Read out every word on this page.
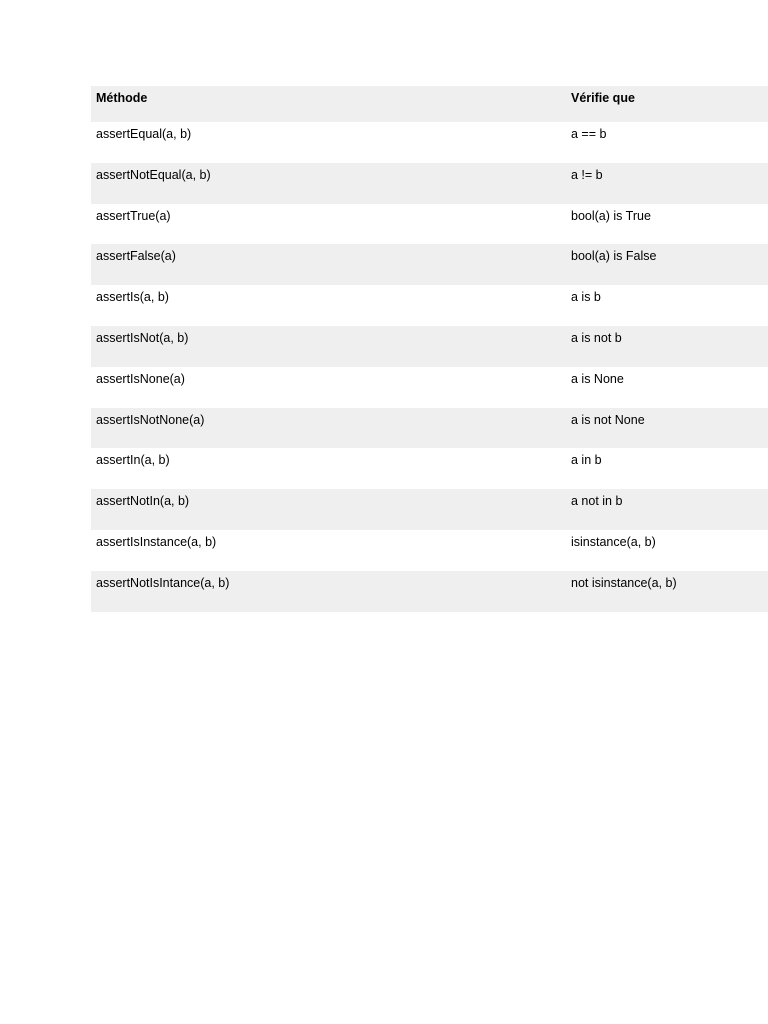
Méthode	Vérifie que
assertEqual(a, b)	a == b
assertNotEqual(a, b)	a != b
assertTrue(a)	bool(a) is True
assertFalse(a)	bool(a) is False
assertIs(a, b)	a is b
assertIsNot(a, b)	a is not b
assertIsNone(a)	a is None
assertIsNotNone(a)	a is not None
assertIn(a, b)	a in b
assertNotIn(a, b)	a not in b
assertIsInstance(a, b)	isinstance(a, b)
assertNotIsIntance(a, b)	not isinstance(a, b)
